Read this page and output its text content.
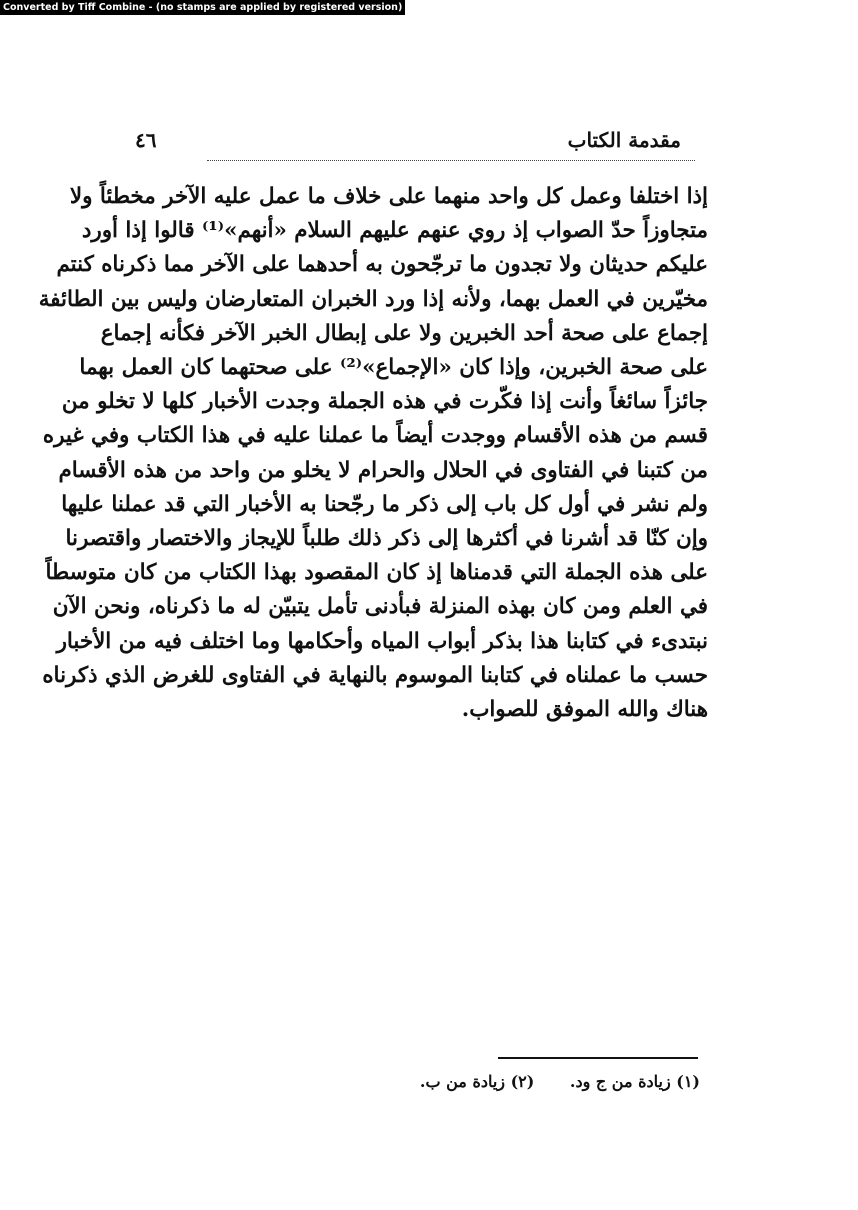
Converted by Tiff Combine - (no stamps are applied by registered version)
مقدمة الكتاب
٤٦
إذا اختلفا وعمل كل واحد منهما على خلاف ما عمل عليه الآخر مخطئاً ولا
متجاوزاً حدّ الصواب إذ روي عنهم عليهم السلام «أنهم»⁽¹⁾ قالوا إذا أورد
عليكم حديثان ولا تجدون ما ترجّحون به أحدهما على الآخر مما ذكرناه كنتم
مخيّرين في العمل بهما، ولأنه إذا ورد الخبران المتعارضان وليس بين الطائفة
إجماع على صحة أحد الخبرين ولا على إبطال الخبر الآخر فكأنه إجماع
على صحة الخبرين، وإذا كان «الإجماع»⁽²⁾ على صحتهما كان العمل بهما
جائزاً سائغاً وأنت إذا فكّرت في هذه الجملة وجدت الأخبار كلها لا تخلو من
قسم من هذه الأقسام ووجدت أيضاً ما عملنا عليه في هذا الكتاب وفي غيره
من كتبنا في الفتاوى في الحلال والحرام لا يخلو من واحد من هذه الأقسام
ولم نشر في أول كل باب إلى ذكر ما رجّحنا به الأخبار التي قد عملنا عليها
وإن كنّا قد أشرنا في أكثرها إلى ذكر ذلك طلباً للإيجاز والاختصار واقتصرنا
على هذه الجملة التي قدمناها إذ كان المقصود بهذا الكتاب من كان متوسطاً
في العلم ومن كان بهذه المنزلة فبأدنى تأمل يتبيّن له ما ذكرناه، ونحن الآن
نبتدىء في كتابنا هذا بذكر أبواب المياه وأحكامها وما اختلف فيه من الأخبار
حسب ما عملناه في كتابنا الموسوم بالنهاية في الفتاوى للغرض الذي ذكرناه
هناك والله الموفق للصواب.
(١) زيادة من ج ود. (٢) زيادة من ب.
